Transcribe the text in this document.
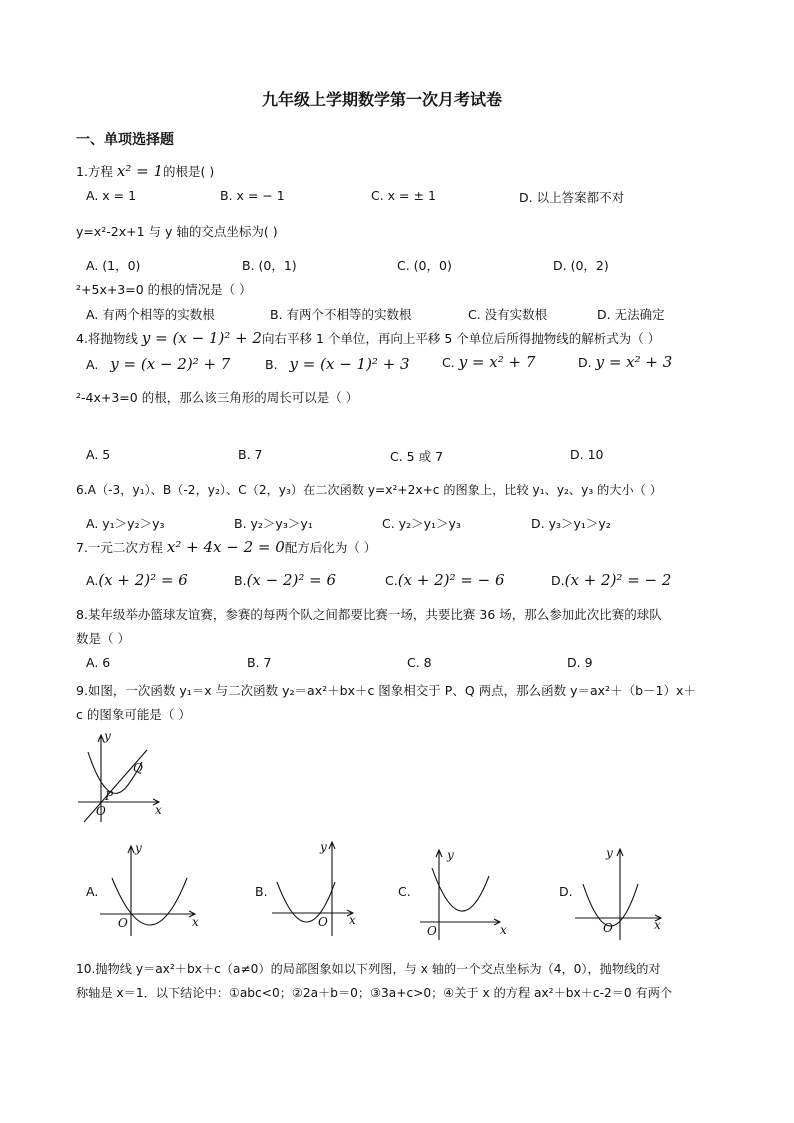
九年级上学期数学第一次月考试卷
一、单项选择题
1.方程 x² = 1的根是( )
A. x = 1	B. x = − 1	C. x = ± 1	D. 以上答案都不对
y=x²-2x+1 与 y 轴的交点坐标为( )
A. (1，0)	B. (0，1)	C. (0，0)	D. (0，2)
²+5x+3=0 的根的情况是（ ）
A. 有两个相等的实数根	B. 有两个不相等的实数根	C. 没有实数根	D. 无法确定
4.将抛物线 y = (x − 1)² + 2向右平移 1 个单位，再向上平移 5 个单位后所得抛物线的解析式为（ ）
A. y = (x − 2)² + 7	B. y = (x − 1)² + 3	C. y = x² + 7	D. y = x² + 3
²-4x+3=0 的根，那么该三角形的周长可以是（ ）
A. 5	B. 7	C. 5 或 7	D. 10
6.A（-3，y₁）、B（-2，y₂）、C（2，y₃）在二次函数 y=x²+2x+c 的图象上，比较 y₁、y₂、y₃ 的大小（ ）
A. y₁＞y₂＞y₃	B. y₂＞y₃＞y₁	C. y₂＞y₁＞y₃	D. y₃＞y₁＞y₂
7.一元二次方程 x² + 4x − 2 = 0配方后化为（ ）
A.(x + 2)² = 6	B.(x − 2)² = 6	C.(x + 2)² = − 6	D.(x + 2)² = − 2
8.某年级举办篮球友谊赛，参赛的每两个队之间都要比赛一场，共要比赛 36 场，那么参加此次比赛的球队
数是（ ）
A. 6	B. 7	C. 8	D. 9
9.如图，一次函数 y₁＝x 与二次函数 y₂＝ax²＋bx＋c 图象相交于 P、Q 两点，那么函数 y＝ax²＋（b－1）x＋
c 的图象可能是（ ）
y
x
O
P
Q
A.
y
x
O
B.
y
x
O
C.
y
x
O
D.
y
x
O
10.抛物线 y＝ax²＋bx＋c（a≠0）的局部图象如以下列图，与 x 轴的一个交点坐标为（4，0），抛物线的对
称轴是 x＝1．以下结论中：①abc<0；②2a＋b＝0；③3a+c>0；④关于 x 的方程 ax²＋bx＋c-2＝0 有两个
